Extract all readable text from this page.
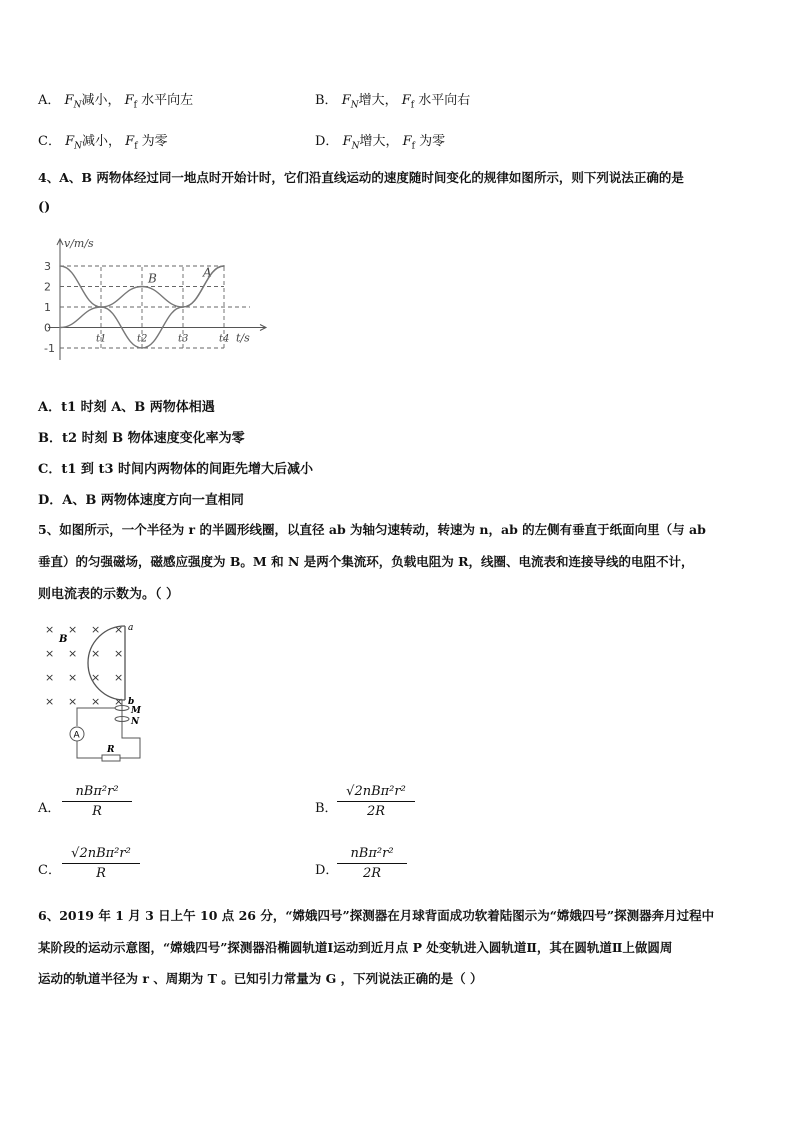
A． $F_N$减小， $F_f$ 水平向左	B． $F_N$增大， $F_f$ 水平向右
C． $F_N$减小， $F_f$ 为零	D． $F_N$增大， $F_f$ 为零
4、A、B 两物体经过同一地点时开始计时，它们沿直线运动的速度随时间变化的规律如图所示，则下列说法正确的是
()
3
2
1
0
-1
t1	t2	t3	t4
v/m/s
t/s
A
B
A．t1 时刻 A、B 两物体相遇
B．t2 时刻 B 物体速度变化率为零
C．t1 到 t3 时间内两物体的间距先增大后减小
D．A、B 两物体速度方向一直相同
5、如图所示，一个半径为 r 的半圆形线圈，以直径 ab 为轴匀速转动，转速为 n，ab 的左侧有垂直于纸面向里（与 ab
垂直）的匀强磁场，磁感应强度为 B。M 和 N 是两个集流环，负载电阻为 R，线圈、电流表和连接导线的电阻不计，
则电流表的示数为。（ ）
× × × ×
× × × ×
× × × ×
× × × ×
B
a
b
M
N
A
R
A．
nBπ²r²
R	B．
√2nBπ²r²
2R
C．
√2nBπ²r²
R	D．
nBπ²r²
2R
6、2019 年 1 月 3 日上午 10 点 26 分，“嫦娥四号”探测器在月球背面成功软着陆图示为“嫦娥四号”探测器奔月过程中
某阶段的运动示意图，“嫦娥四号”探测器沿椭圆轨道Ⅰ运动到近月点 P 处变轨进入圆轨道Ⅱ，其在圆轨道Ⅱ上做圆周
运动的轨道半径为 r 、周期为 T 。已知引力常量为 G ，下列说法正确的是（ ）
